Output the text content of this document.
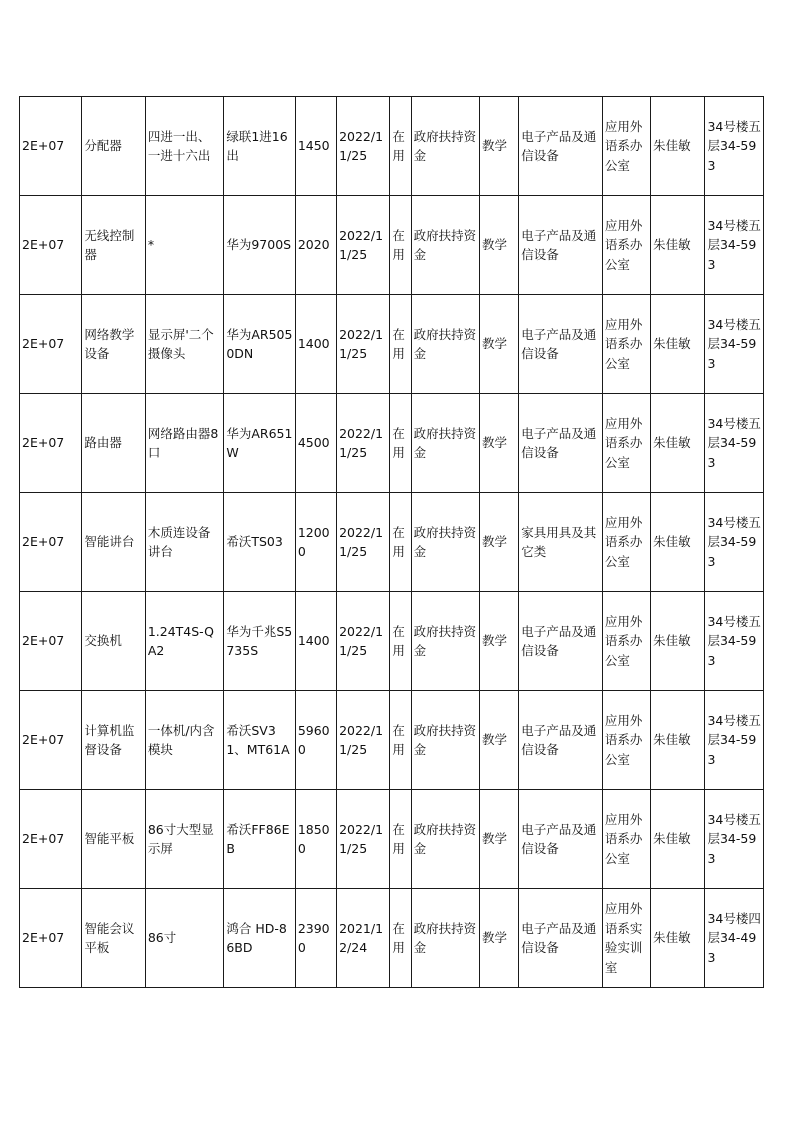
2E+07	分配器	四进一出、一进十六出	绿联1进16出	1450	2022/11/25	在用	政府扶持资金	教学	电子产品及通信设备	应用外语系办公室	朱佳敏	34号楼五层34-593
2E+07	无线控制器	*	华为9700S	2020	2022/11/25	在用	政府扶持资金	教学	电子产品及通信设备	应用外语系办公室	朱佳敏	34号楼五层34-593
2E+07	网络教学设备	显示屏'二个摄像头	华为AR5050DN	1400	2022/11/25	在用	政府扶持资金	教学	电子产品及通信设备	应用外语系办公室	朱佳敏	34号楼五层34-593
2E+07	路由器	网络路由器8口	华为AR651W	4500	2022/11/25	在用	政府扶持资金	教学	电子产品及通信设备	应用外语系办公室	朱佳敏	34号楼五层34-593
2E+07	智能讲台	木质连设备讲台	希沃TS03	12000	2022/11/25	在用	政府扶持资金	教学	家具用具及其它类	应用外语系办公室	朱佳敏	34号楼五层34-593
2E+07	交换机	1.24T4S-QA2	华为千兆S5735S	1400	2022/11/25	在用	政府扶持资金	教学	电子产品及通信设备	应用外语系办公室	朱佳敏	34号楼五层34-593
2E+07	计算机监督设备	一体机/内含模块	希沃SV31、MT61A	59600	2022/11/25	在用	政府扶持资金	教学	电子产品及通信设备	应用外语系办公室	朱佳敏	34号楼五层34-593
2E+07	智能平板	86寸大型显示屏	希沃FF86EB	18500	2022/11/25	在用	政府扶持资金	教学	电子产品及通信设备	应用外语系办公室	朱佳敏	34号楼五层34-593
2E+07	智能会议平板	86寸	鸿合 HD-86BD	23900	2021/12/24	在用	政府扶持资金	教学	电子产品及通信设备	应用外语系实验实训室	朱佳敏	34号楼四层34-493
